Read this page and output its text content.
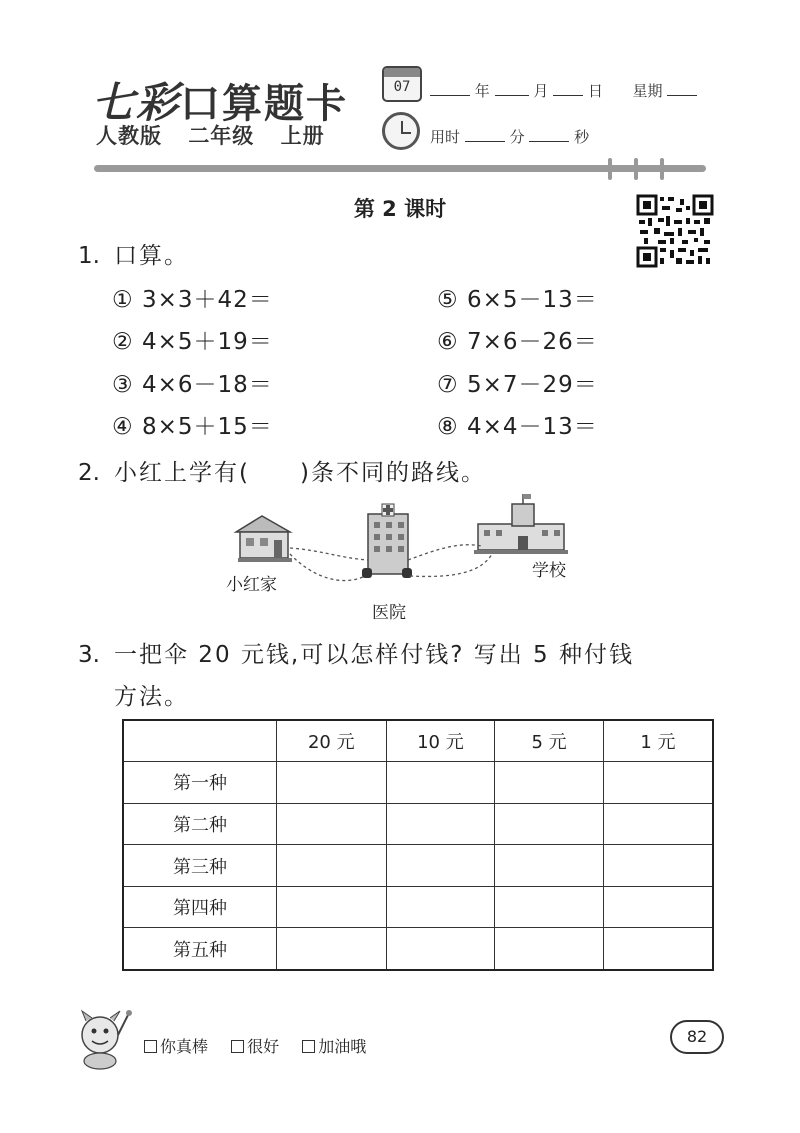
七彩口算题卡
人教版 二年级 上册
07	年	月	日 星期
用时	分	秒
第 2 课时
1. 口算。
① 3×3＋42＝
② 4×5＋19＝
③ 4×6－18＝
④ 8×5＋15＝
⑤ 6×5－13＝
⑥ 7×6－26＝
⑦ 5×7－29＝
⑧ 4×4－13＝
2. 小红上学有(　　)条不同的路线。
小红家
医院
学校
3. 一把伞 20 元钱,可以怎样付钱? 写出 5 种付钱
方法。
	20 元	10 元	5 元	1 元
第一种				
第二种				
第三种				
第四种				
第五种				
你真棒 很好 加油哦
82
